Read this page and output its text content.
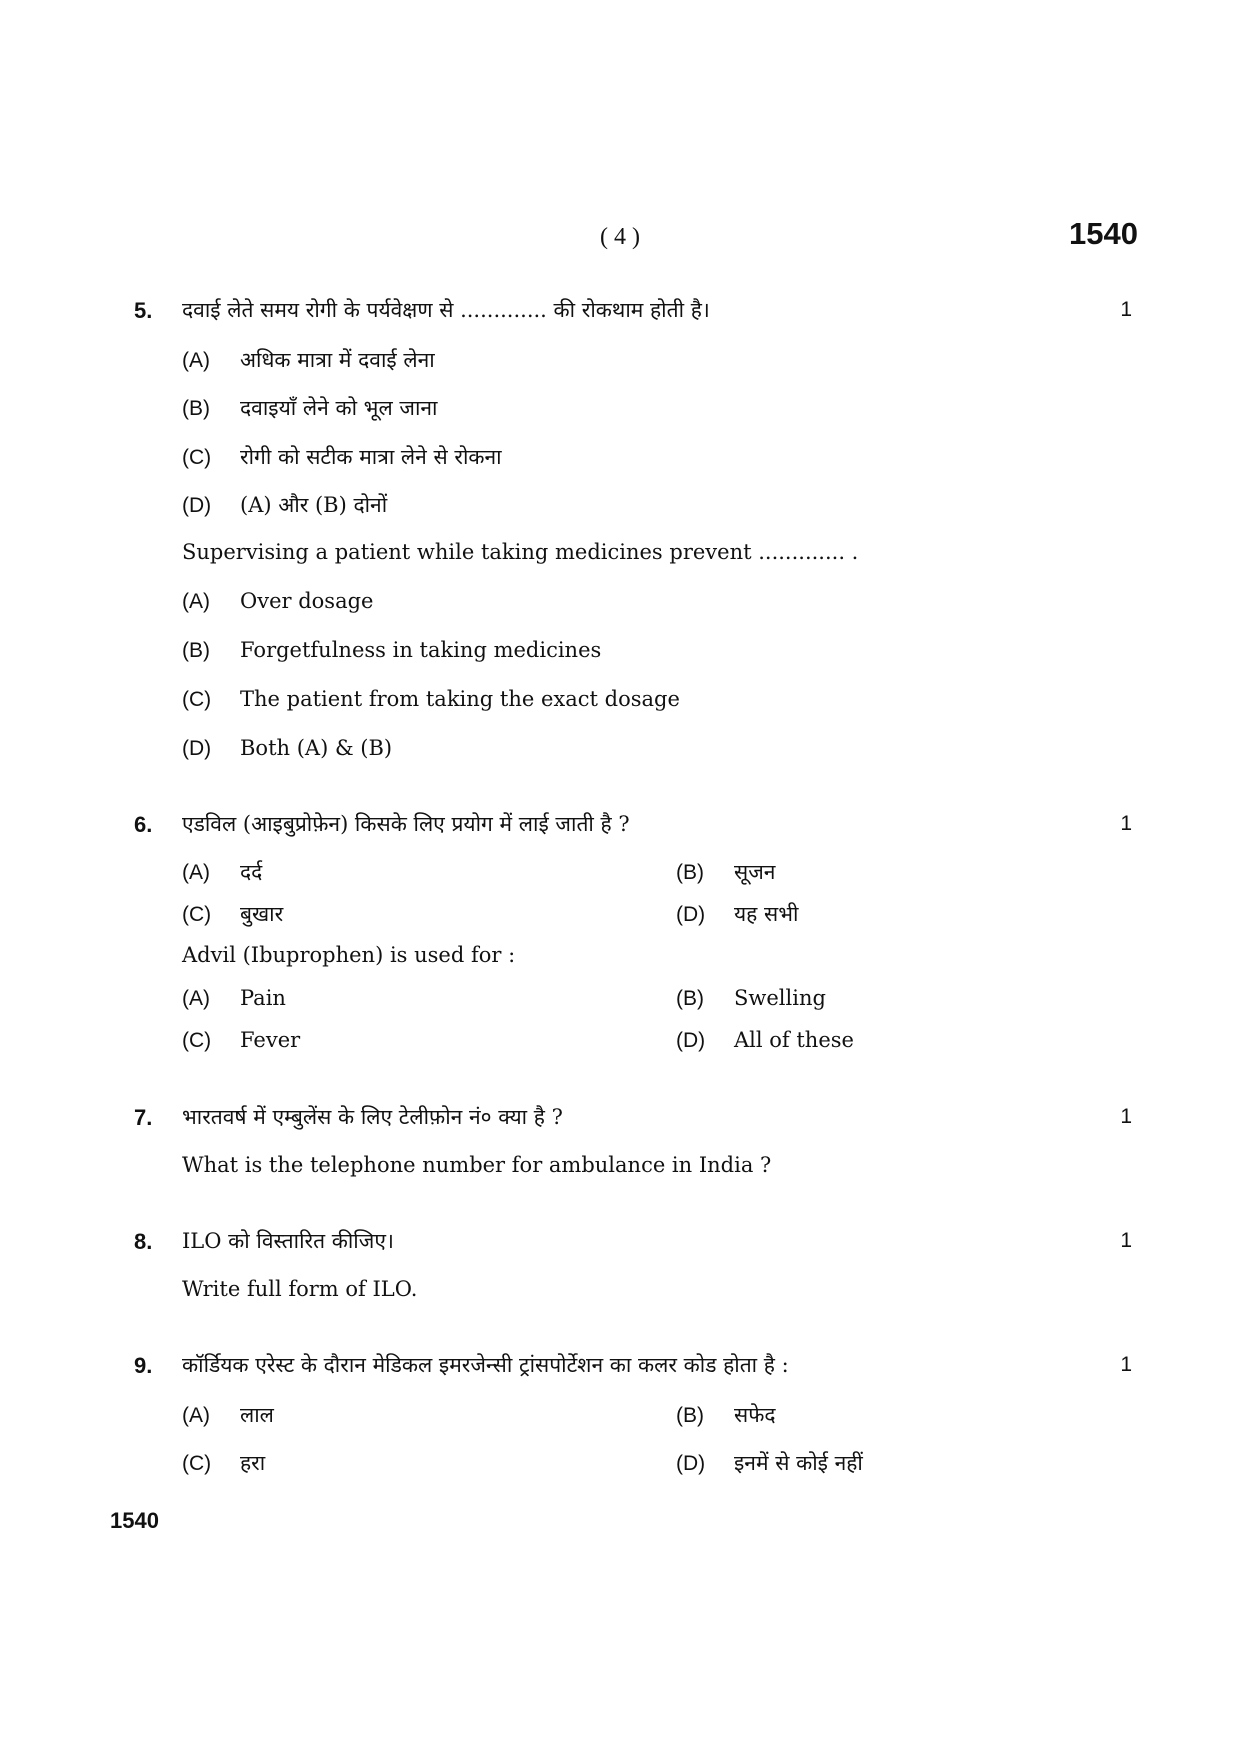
( 4 )	1540
5. दवाई लेते समय रोगी के पर्यवेक्षण से ............. की रोकथाम होती है।	1
(A) अधिक मात्रा में दवाई लेना
(B) दवाइयाँ लेने को भूल जाना
(C) रोगी को सटीक मात्रा लेने से रोकना
(D) (A) और (B) दोनों
Supervising a patient while taking medicines prevent ............. .
(A) Over dosage
(B) Forgetfulness in taking medicines
(C) The patient from taking the exact dosage
(D) Both (A) & (B)
6. एडविल (आइबुप्रोफ़ेन) किसके लिए प्रयोग में लाई जाती है ?	1
(A) दर्द	(B) सूजन
(C) बुखार	(D) यह सभी
Advil (Ibuprophen) is used for :
(A) Pain	(B) Swelling
(C) Fever	(D) All of these
7. भारतवर्ष में एम्बुलेंस के लिए टेलीफ़ोन नं० क्या है ?	1
What is the telephone number for ambulance in India ?
8. ILO को विस्तारित कीजिए।	1
Write full form of ILO.
9. कॉर्डियक एरेस्ट के दौरान मेडिकल इमरजेन्सी ट्रांसपोर्टेशन का कलर कोड होता है :	1
(A) लाल	(B) सफेद
(C) हरा	(D) इनमें से कोई नहीं
1540
